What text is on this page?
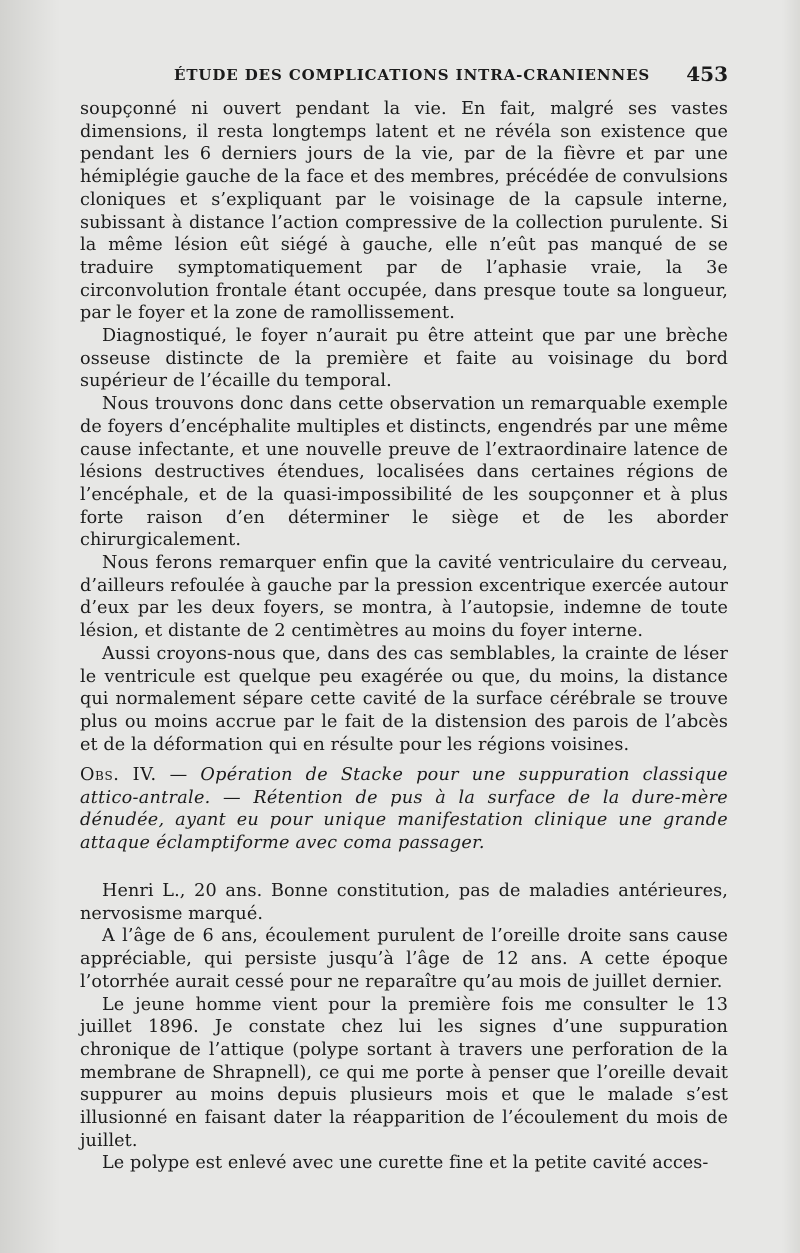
ÉTUDE DES COMPLICATIONS INTRA-CRANIENNES 453

soupçonné ni ouvert pendant la vie. En fait, malgré ses vastes dimensions, il resta longtemps latent et ne révéla son existence que pendant les 6 derniers jours de la vie, par de la fièvre et par une hémiplégie gauche de la face et des membres, précédée de convulsions cloniques et s’expliquant par le voisinage de la capsule interne, subissant à distance l’action compressive de la collection purulente. Si la même lésion eût siégé à gauche, elle n’eût pas manqué de se traduire symptomatiquement par de l’aphasie vraie, la 3e circonvolution frontale étant occupée, dans presque toute sa longueur, par le foyer et la zone de ramollissement.

Diagnostiqué, le foyer n’aurait pu être atteint que par une brèche osseuse distincte de la première et faite au voisinage du bord supérieur de l’écaille du temporal.

Nous trouvons donc dans cette observation un remarquable exemple de foyers d’encéphalite multiples et distincts, engendrés par une même cause infectante, et une nouvelle preuve de l’extraordinaire latence de lésions destructives étendues, localisées dans certaines régions de l’encéphale, et de la quasi-impossibilité de les soupçonner et à plus forte raison d’en déterminer le siège et de les aborder chirurgicalement.

Nous ferons remarquer enfin que la cavité ventriculaire du cerveau, d’ailleurs refoulée à gauche par la pression excentrique exercée autour d’eux par les deux foyers, se montra, à l’autopsie, indemne de toute lésion, et distante de 2 centimètres au moins du foyer interne.

Aussi croyons-nous que, dans des cas semblables, la crainte de léser le ventricule est quelque peu exagérée ou que, du moins, la distance qui normalement sépare cette cavité de la surface cérébrale se trouve plus ou moins accrue par le fait de la distension des parois de l’abcès et de la déformation qui en résulte pour les régions voisines.

Obs. IV. — Opération de Stacke pour une suppuration classique attico-antrale. — Rétention de pus à la surface de la dure-mère dénudée, ayant eu pour unique manifestation clinique une grande attaque éclamptiforme avec coma passager.

Henri L., 20 ans. Bonne constitution, pas de maladies antérieures, nervosisme marqué.

A l’âge de 6 ans, écoulement purulent de l’oreille droite sans cause appréciable, qui persiste jusqu’à l’âge de 12 ans. A cette époque l’otorrhée aurait cessé pour ne reparaître qu’au mois de juillet dernier.

Le jeune homme vient pour la première fois me consulter le 13 juillet 1896. Je constate chez lui les signes d’une suppuration chronique de l’attique (polype sortant à travers une perforation de la membrane de Shrapnell), ce qui me porte à penser que l’oreille devait suppurer au moins depuis plusieurs mois et que le malade s’est illusionné en faisant dater la réapparition de l’écoulement du mois de juillet.

Le polype est enlevé avec une curette fine et la petite cavité acces-
